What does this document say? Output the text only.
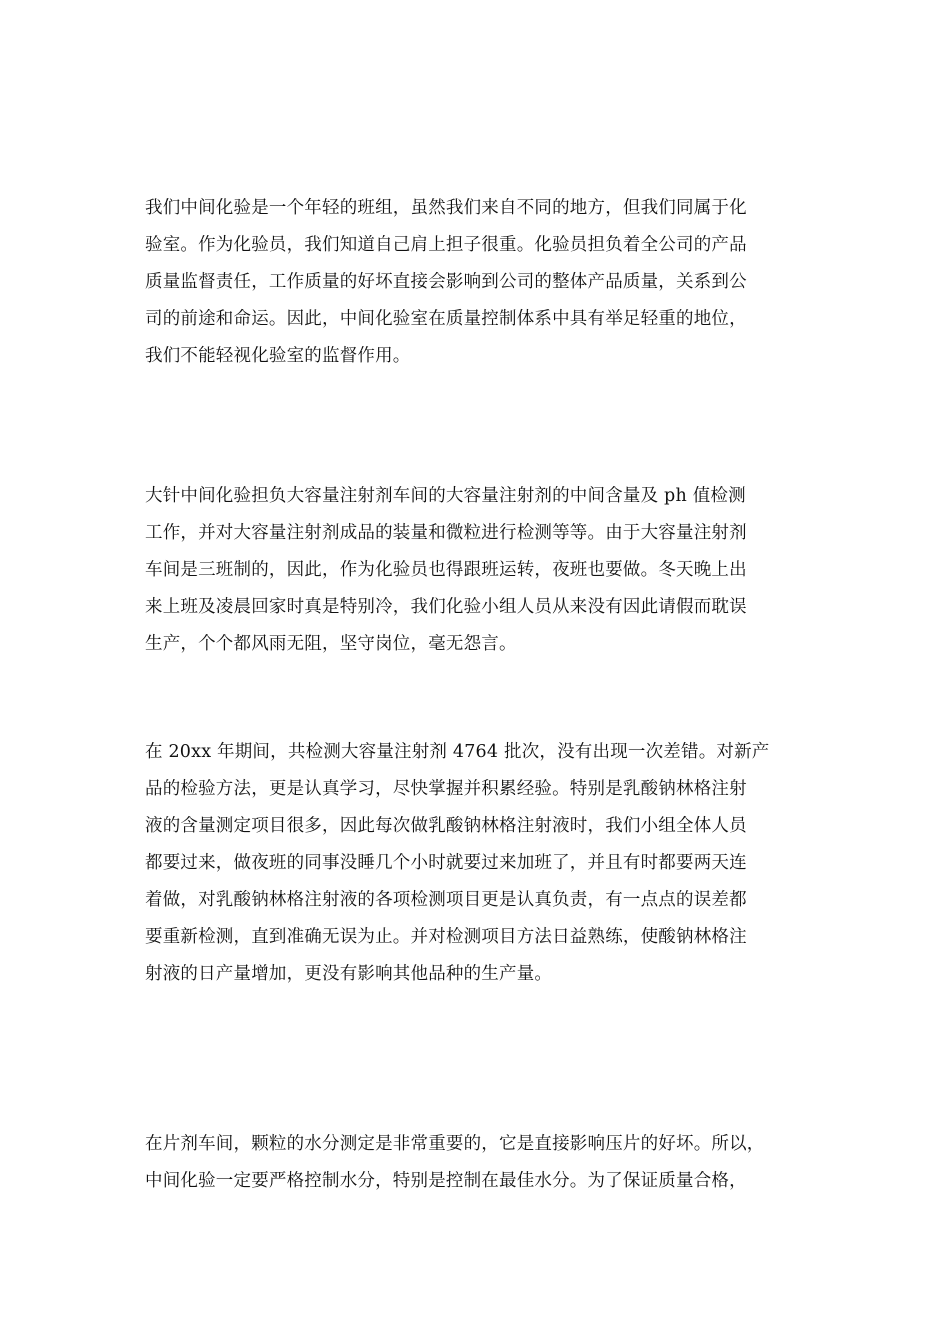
我们中间化验是一个年轻的班组，虽然我们来自不同的地方，但我们同属于化
验室。作为化验员，我们知道自己肩上担子很重。化验员担负着全公司的产品
质量监督责任，工作质量的好坏直接会影响到公司的整体产品质量，关系到公
司的前途和命运。因此，中间化验室在质量控制体系中具有举足轻重的地位，
我们不能轻视化验室的监督作用。

大针中间化验担负大容量注射剂车间的大容量注射剂的中间含量及 ph 值检测
工作，并对大容量注射剂成品的装量和微粒进行检测等等。由于大容量注射剂
车间是三班制的，因此，作为化验员也得跟班运转，夜班也要做。冬天晚上出
来上班及凌晨回家时真是特别冷，我们化验小组人员从来没有因此请假而耽误
生产，个个都风雨无阻，坚守岗位，毫无怨言。

在 20xx 年期间，共检测大容量注射剂 4764 批次，没有出现一次差错。对新产
品的检验方法，更是认真学习，尽快掌握并积累经验。特别是乳酸钠林格注射
液的含量测定项目很多，因此每次做乳酸钠林格注射液时，我们小组全体人员
都要过来，做夜班的同事没睡几个小时就要过来加班了，并且有时都要两天连
着做，对乳酸钠林格注射液的各项检测项目更是认真负责，有一点点的误差都
要重新检测，直到准确无误为止。并对检测项目方法日益熟练，使酸钠林格注
射液的日产量增加，更没有影响其他品种的生产量。

在片剂车间，颗粒的水分测定是非常重要的，它是直接影响压片的好坏。所以，
中间化验一定要严格控制水分，特别是控制在最佳水分。为了保证质量合格，
